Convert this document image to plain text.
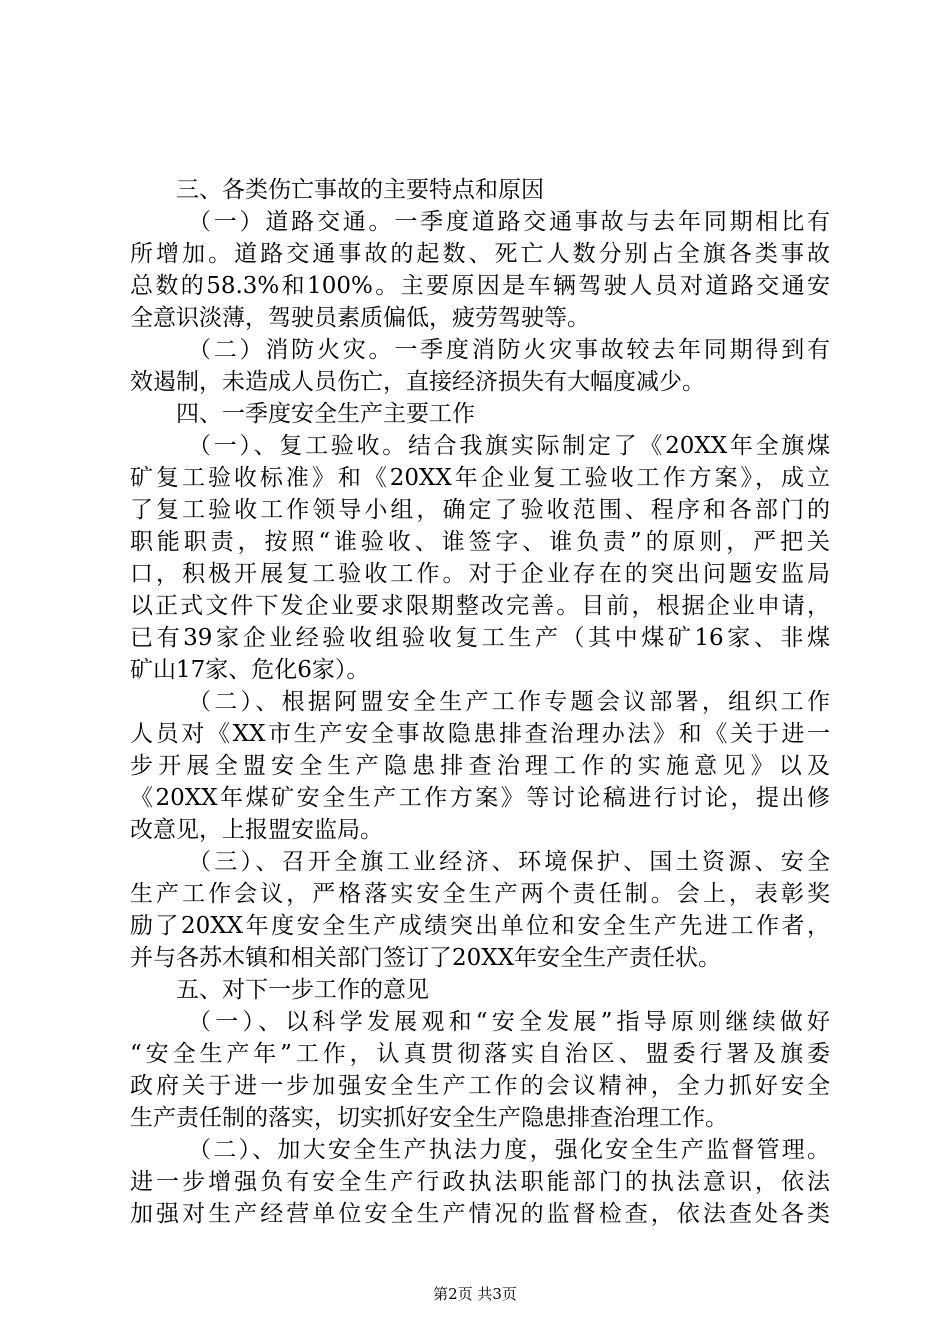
三、各类伤亡事故的主要特点和原因
（一）道路交通。一季度道路交通事故与去年同期相比有
所增加。道路交通事故的起数、死亡人数分别占全旗各类事故
总数的58.3%和100%。主要原因是车辆驾驶人员对道路交通安
全意识淡薄，驾驶员素质偏低，疲劳驾驶等。
（二）消防火灾。一季度消防火灾事故较去年同期得到有
效遏制，未造成人员伤亡，直接经济损失有大幅度减少。
四、一季度安全生产主要工作
（一）、复工验收。结合我旗实际制定了《20XX年全旗煤
矿复工验收标准》和《20XX年企业复工验收工作方案》，成立
了复工验收工作领导小组，确定了验收范围、程序和各部门的
职能职责，按照“谁验收、谁签字、谁负责”的原则，严把关
口，积极开展复工验收工作。对于企业存在的突出问题安监局
以正式文件下发企业要求限期整改完善。目前，根据企业申请，
已有39家企业经验收组验收复工生产（其中煤矿16家、非煤
矿山17家、危化6家）。
（二）、根据阿盟安全生产工作专题会议部署，组织工作
人员对《XX市生产安全事故隐患排查治理办法》和《关于进一
步开展全盟安全生产隐患排查治理工作的实施意见》以及
《20XX年煤矿安全生产工作方案》等讨论稿进行讨论，提出修
改意见，上报盟安监局。
（三）、召开全旗工业经济、环境保护、国土资源、安全
生产工作会议，严格落实安全生产两个责任制。会上，表彰奖
励了20XX年度安全生产成绩突出单位和安全生产先进工作者，
并与各苏木镇和相关部门签订了20XX年安全生产责任状。
五、对下一步工作的意见
（一）、以科学发展观和“安全发展”指导原则继续做好
“安全生产年”工作，认真贯彻落实自治区、盟委行署及旗委
政府关于进一步加强安全生产工作的会议精神，全力抓好安全
生产责任制的落实，切实抓好安全生产隐患排查治理工作。
（二）、加大安全生产执法力度，强化安全生产监督管理。
进一步增强负有安全生产行政执法职能部门的执法意识，依法
加强对生产经营单位安全生产情况的监督检查，依法查处各类
第2页 共3页
